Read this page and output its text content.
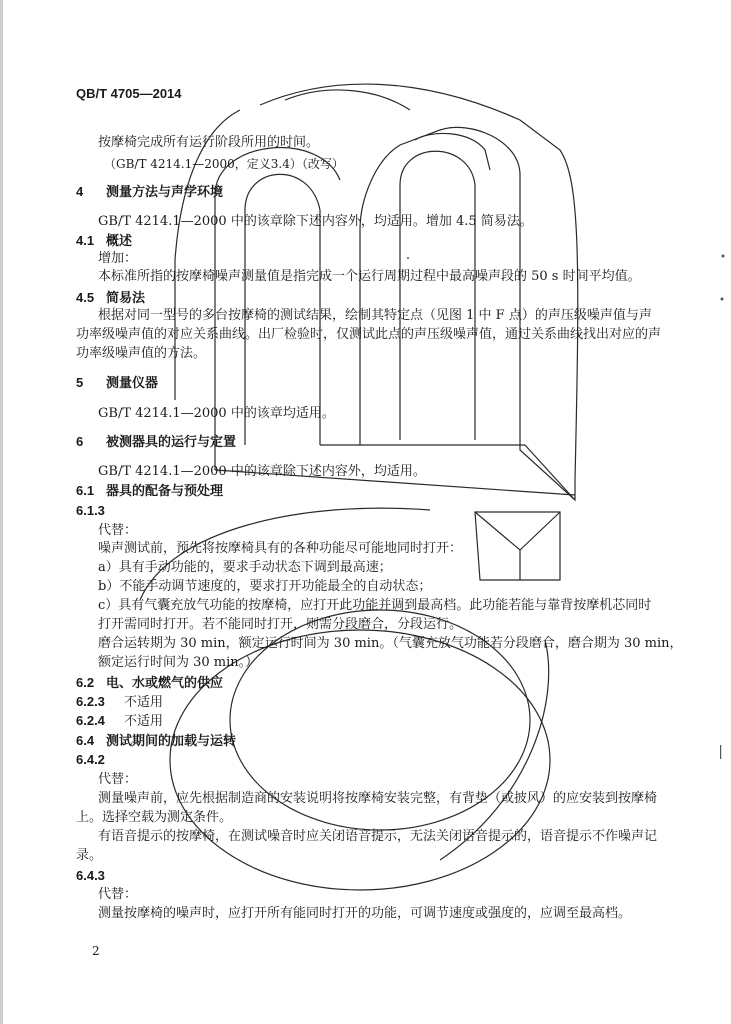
QB/T 4705—2014
按摩椅完成所有运行阶段所用的时间。
（GB/T 4214.1—2000，定义3.4）（改写）
4 测量方法与声学环境
GB/T 4214.1—2000 中的该章除下述内容外，均适用。增加 4.5 简易法。
4.1 概述
增加：
本标准所指的按摩椅噪声测量值是指完成一个运行周期过程中最高噪声段的 50 s 时间平均值。
4.5 简易法
根据对同一型号的多台按摩椅的测试结果，绘制其特定点（见图 1 中 F 点）的声压级噪声值与声
功率级噪声值的对应关系曲线。出厂检验时，仅测试此点的声压级噪声值，通过关系曲线找出对应的声
功率级噪声值的方法。
5 测量仪器
GB/T 4214.1—2000 中的该章均适用。
6 被测器具的运行与定置
GB/T 4214.1—2000 中的该章除下述内容外，均适用。
6.1 器具的配备与预处理
6.1.3
代替：
噪声测试前，预先将按摩椅具有的各种功能尽可能地同时打开：
a）具有手动功能的，要求手动状态下调到最高速；
b）不能手动调节速度的，要求打开功能最全的自动状态；
c）具有气囊充放气功能的按摩椅，应打开此功能并调到最高档。此功能若能与靠背按摩机芯同时
打开需同时打开。若不能同时打开，则需分段磨合，分段运行。
磨合运转期为 30 min，额定运行时间为 30 min。（气囊充放气功能若分段磨合，磨合期为 30 min，
额定运行时间为 30 min。）
6.2 电、水或燃气的供应
6.2.3 不适用
6.2.4 不适用
6.4 测试期间的加载与运转
6.4.2
代替：
测量噪声前，应先根据制造商的安装说明将按摩椅安装完整，有背垫（或披风）的应安装到按摩椅
上。选择空载为测定条件。
有语音提示的按摩椅，在测试噪音时应关闭语音提示，无法关闭语音提示的，语音提示不作噪声记
录。
6.4.3
代替：
测量按摩椅的噪声时，应打开所有能同时打开的功能，可调节速度或强度的，应调至最高档。
2
